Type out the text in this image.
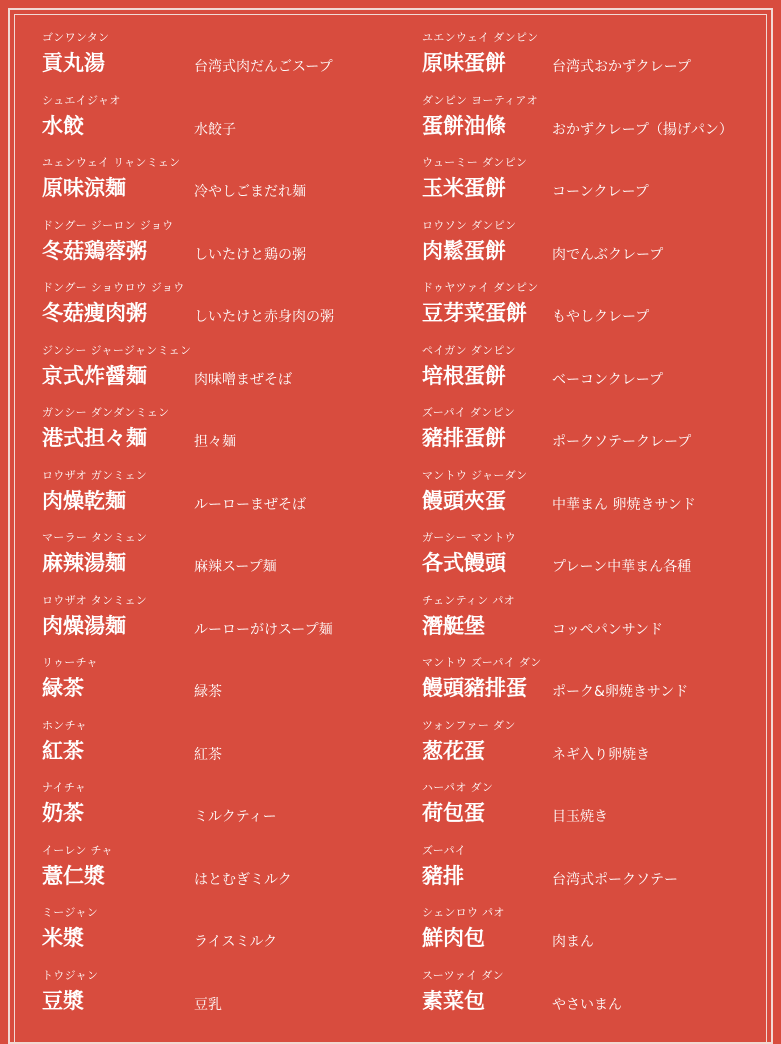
ゴンワンタン
貢丸湯	台湾式肉だんごスープ
シュエイジャオ
水餃	水餃子
ユェンウェイ リャンミェン
原味涼麺	冷やしごまだれ麺
ドングー ジーロン ジョウ
冬菇鶏蓉粥	しいたけと鶏の粥
ドングー ショウロウ ジョウ
冬菇痩肉粥	しいたけと赤身肉の粥
ジンシー ジャージャンミェン
京式炸醤麺	肉味噌まぜそば
ガンシー ダンダンミェン
港式担々麺	担々麺
ロウザオ ガンミェン
肉燥乾麺	ルーローまぜそば
マーラー タンミェン
麻辣湯麺	麻辣スープ麺
ロウザオ タンミェン
肉燥湯麺	ルーローがけスープ麺
リゥーチャ
緑茶	緑茶
ホンチャ
紅茶	紅茶
ナイチャ
奶茶	ミルクティー
イーレン チャ
薏仁漿	はとむぎミルク
ミージャン
米漿	ライスミルク
トウジャン
豆漿	豆乳
ユエンウェイ ダンピン
原味蛋餅	台湾式おかずクレープ
ダンピン ヨーティアオ
蛋餅油條	おかずクレープ（揚げパン）
ウューミー ダンピン
玉米蛋餅	コーンクレープ
ロウソン ダンピン
肉鬆蛋餅	肉でんぶクレープ
ドゥヤツァイ ダンピン
豆芽菜蛋餅 もやしクレープ
ペイガン ダンピン
培根蛋餅	ベーコンクレープ
ズーパイ ダンピン
豬排蛋餅	ポークソテークレープ
マントウ ジャーダン
饅頭夾蛋	中華まん 卵焼きサンド
ガーシー マントウ
各式饅頭	プレーン中華まん各種
チェンティン パオ
潛艇堡	コッペパンサンド
マントウ ズーパイ ダン
饅頭豬排蛋 ポーク&卵焼きサンド
ツォンファー ダン
葱花蛋	ネギ入り卵焼き
ハーパオ ダン
荷包蛋	目玉焼き
ズーパイ
豬排	台湾式ポークソテー
シェンロウ パオ
鮮肉包	肉まん
スーツァイ ダン
素菜包	やさいまん
